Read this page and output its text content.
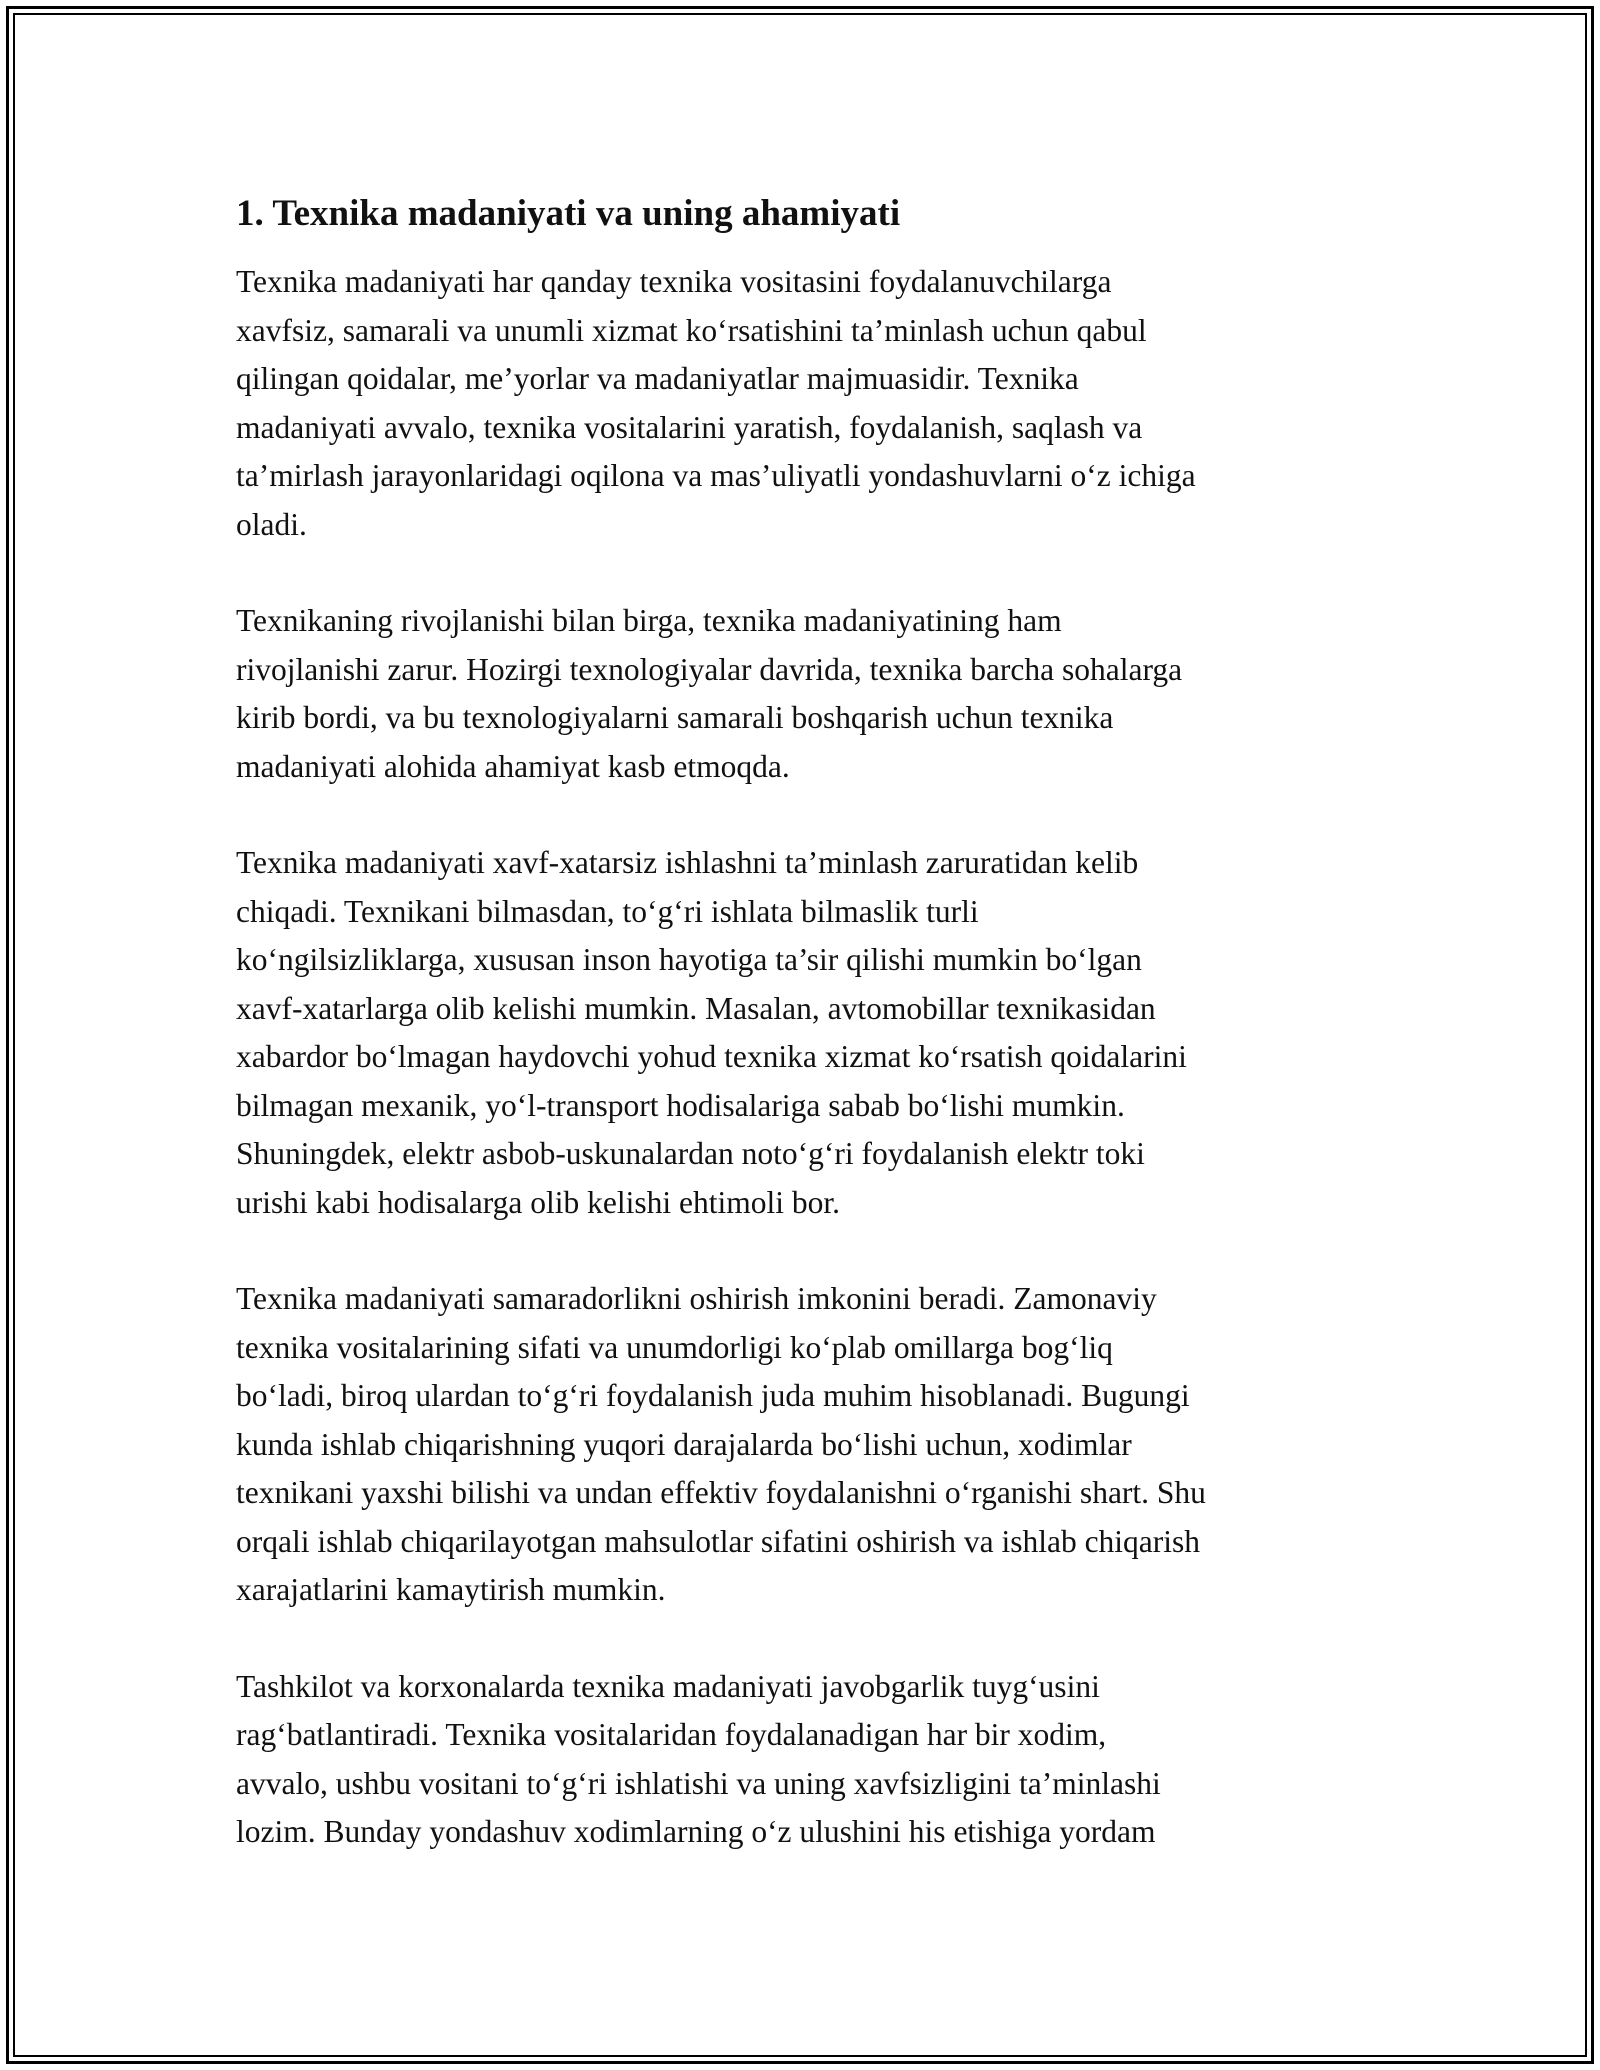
1. Texnika madaniyati va uning ahamiyati
Texnika madaniyati har qanday texnika vositasini foydalanuvchilarga
xavfsiz, samarali va unumli xizmat ko‘rsatishini ta’minlash uchun qabul
qilingan qoidalar, me’yorlar va madaniyatlar majmuasidir. Texnika
madaniyati avvalo, texnika vositalarini yaratish, foydalanish, saqlash va
ta’mirlash jarayonlaridagi oqilona va mas’uliyatli yondashuvlarni o‘z ichiga
oladi.
Texnikaning rivojlanishi bilan birga, texnika madaniyatining ham
rivojlanishi zarur. Hozirgi texnologiyalar davrida, texnika barcha sohalarga
kirib bordi, va bu texnologiyalarni samarali boshqarish uchun texnika
madaniyati alohida ahamiyat kasb etmoqda.
Texnika madaniyati xavf-xatarsiz ishlashni ta’minlash zaruratidan kelib
chiqadi. Texnikani bilmasdan, to‘g‘ri ishlata bilmaslik turli
ko‘ngilsizliklarga, xususan inson hayotiga ta’sir qilishi mumkin bo‘lgan
xavf-xatarlarga olib kelishi mumkin. Masalan, avtomobillar texnikasidan
xabardor bo‘lmagan haydovchi yohud texnika xizmat ko‘rsatish qoidalarini
bilmagan mexanik, yo‘l-transport hodisalariga sabab bo‘lishi mumkin.
Shuningdek, elektr asbob-uskunalardan noto‘g‘ri foydalanish elektr toki
urishi kabi hodisalarga olib kelishi ehtimoli bor.
Texnika madaniyati samaradorlikni oshirish imkonini beradi. Zamonaviy
texnika vositalarining sifati va unumdorligi ko‘plab omillarga bog‘liq
bo‘ladi, biroq ulardan to‘g‘ri foydalanish juda muhim hisoblanadi. Bugungi
kunda ishlab chiqarishning yuqori darajalarda bo‘lishi uchun, xodimlar
texnikani yaxshi bilishi va undan effektiv foydalanishni o‘rganishi shart. Shu
orqali ishlab chiqarilayotgan mahsulotlar sifatini oshirish va ishlab chiqarish
xarajatlarini kamaytirish mumkin.
Tashkilot va korxonalarda texnika madaniyati javobgarlik tuyg‘usini
rag‘batlantiradi. Texnika vositalaridan foydalanadigan har bir xodim,
avvalo, ushbu vositani to‘g‘ri ishlatishi va uning xavfsizligini ta’minlashi
lozim. Bunday yondashuv xodimlarning o‘z ulushini his etishiga yordam
